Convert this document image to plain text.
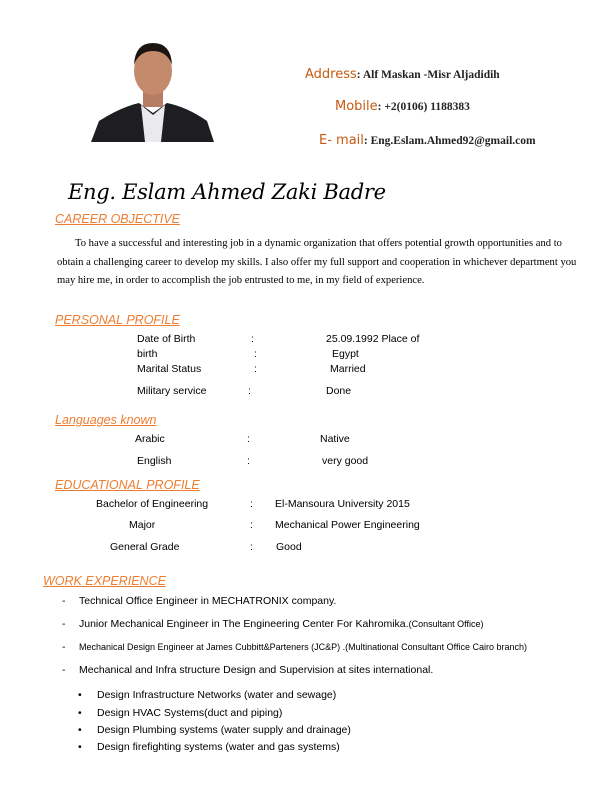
Address: Alf Maskan -Misr Aljadidih
Mobile: +2(0106) 1188383
E- mail: Eng.Eslam.Ahmed92@gmail.com
Eng. Eslam Ahmed Zaki Badre
CAREER OBJECTIVE
To have a successful and interesting job in a dynamic organization that offers potential growth opportunities and to obtain a challenging career to develop my skills. I also offer my full support and cooperation in whichever department you may hire me, in order to accomplish the job entrusted to me, in my field of experience.
PERSONAL PROFILE
Date of Birth	:	25.09.1992 Place of
birth	:	Egypt
Marital Status	:	Married
Military service	:	Done
Languages known
Arabic	:	Native
English	:	very good
EDUCATIONAL PROFILE
Bachelor of Engineering	: El-Mansoura University 2015
Major	: Mechanical Power Engineering
General Grade	: Good
WORK EXPERIENCE
- Technical Office Engineer in MECHATRONIX company.
- Junior Mechanical Engineer in The Engineering Center For Kahromika.(Consultant Office)
- Mechanical Design Engineer at James Cubbitt&Parteners (JC&P) .(Multinational Consultant Office Cairo branch)
- Mechanical and Infra structure Design and Supervision at sites international.
• Design Infrastructure Networks (water and sewage)
• Design HVAC Systems(duct and piping)
• Design Plumbing systems (water supply and drainage)
• Design firefighting systems (water and gas systems)
